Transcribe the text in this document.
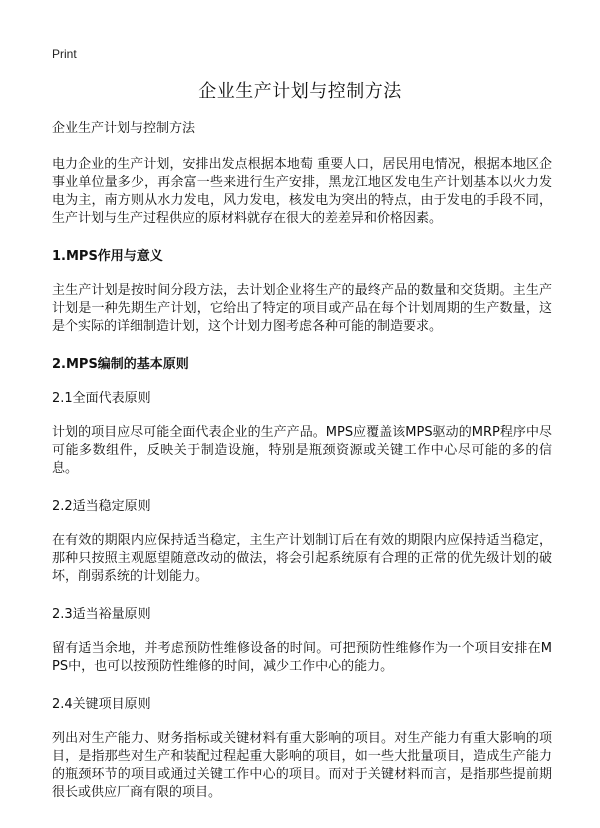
Print
企业生产计划与控制方法
企业生产计划与控制方法

电力企业的生产计划，安排出发点根据本地萄 重要人口，居民用电情况，根据本地区企事业单位量多少，再余富一些来进行生产安排，黑龙江地区发电生产计划基本以火力发电为主，南方则从水力发电，风力发电，核发电为突出的特点，由于发电的手段不同，生产计划与生产过程供应的原材料就存在很大的差差异和价格因素。

1.MPS作用与意义

主生产计划是按时间分段方法，去计划企业将生产的最终产品的数量和交货期。主生产计划是一种先期生产计划，它给出了特定的项目或产品在每个计划周期的生产数量，这是个实际的详细制造计划，这个计划力图考虑各种可能的制造要求。

2.MPS编制的基本原则
2.1全面代表原则

计划的项目应尽可能全面代表企业的生产产品。MPS应覆盖该MPS驱动的MRP程序中尽可能多数组件，反映关于制造设施，特别是瓶颈资源或关键工作中心尽可能的多的信息。

2.2适当稳定原则

在有效的期限内应保持适当稳定，主生产计划制订后在有效的期限内应保持适当稳定，那种只按照主观愿望随意改动的做法，将会引起系统原有合理的正常的优先级计划的破坏，削弱系统的计划能力。

2.3适当裕量原则

留有适当余地，并考虑预防性维修设备的时间。可把预防性维修作为一个项目安排在MPS中，也可以按预防性维修的时间，减少工作中心的能力。

2.4关键项目原则

列出对生产能力、财务指标或关键材料有重大影响的项目。对生产能力有重大影响的项目，是指那些对生产和装配过程起重大影响的项目，如一些大批量项目，造成生产能力的瓶颈环节的项目或通过关键工作中心的项目。而对于关键材料而言，是指那些提前期很长或供应厂商有限的项目。
